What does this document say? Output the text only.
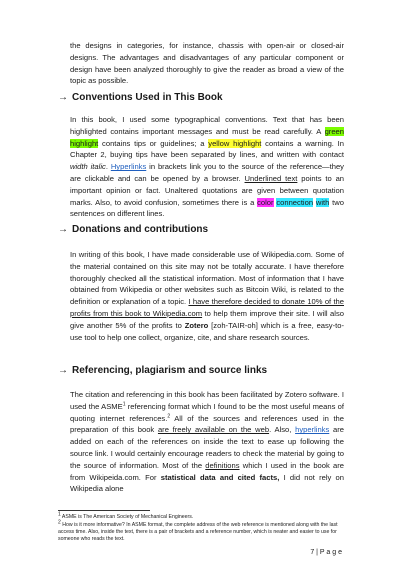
the designs in categories, for instance, chassis with open-air or closed-air designs. The advantages and disadvantages of any particular component or design have been analyzed thoroughly to give the reader as broad a view of the topic as possible.

→ Conventions Used in This Book

In this book, I used some typographical conventions. Text that has been highlighted contains important messages and must be read carefully. A green highlight contains tips or guidelines; a yellow highlight contains a warning. In Chapter 2, buying tips have been separated by lines, and written with contact width italic. Hyperlinks in brackets link you to the source of the reference—they are clickable and can be opened by a browser. Underlined text points to an important opinion or fact. Unaltered quotations are given between quotation marks. Also, to avoid confusion, sometimes there is a color connection with two sentences on different lines.

→ Donations and contributions

In writing of this book, I have made considerable use of Wikipedia.com. Some of the material contained on this site may not be totally accurate. I have therefore thoroughly checked all the statistical information. Most of information that I have obtained from Wikipedia or other websites such as Bitcoin Wiki, is related to the definition or explanation of a topic. I have therefore decided to donate 10% of the profits from this book to Wikipedia.com to help them improve their site. I will also give another 5% of the profits to Zotero [zoh-TAIR-oh] which is a free, easy-to-use tool to help one collect, organize, cite, and share research sources.

→ Referencing, plagiarism and source links

The citation and referencing in this book has been facilitated by Zotero software. I used the ASME$^1$ referencing format which I found to be the most useful means of quoting internet references.$^2$ All of the sources and references used in the preparation of this book are freely available on the web. Also, hyperlinks are added on each of the references on inside the text to ease up following the source link. I would certainly encourage readers to check the material by going to the source of information. Most of the definitions which I used in the book are from Wikipeida.com. For statistical data and cited facts, I did not rely on Wikipedia alone

$^1$ ASME is The American Society of Mechanical Engineers.

$^2$ How is it more informative? In ASME format, the complete address of the web reference is mentioned along with the last access time. Also, inside the text, there is a pair of brackets and a reference number, which is neater and easier to use for someone who reads the text.

7 | P a g e
